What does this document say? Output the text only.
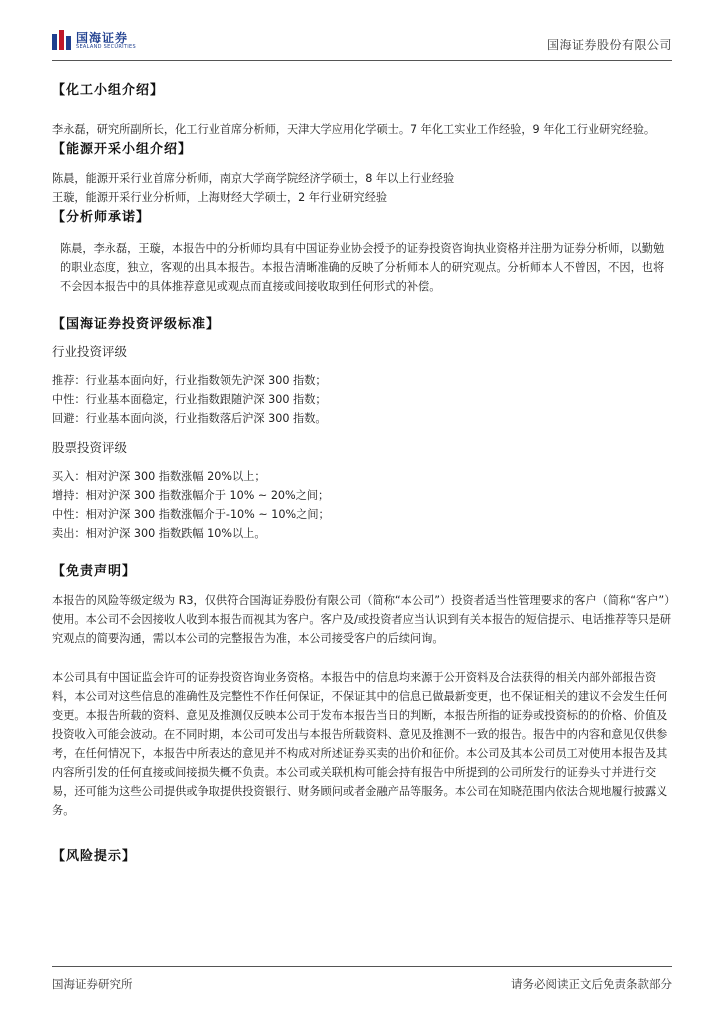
国海证券
SEALAND SECURITIES	国海证券股份有限公司
【化工小组介绍】

李永磊，研究所副所长，化工行业首席分析师，天津大学应用化学硕士。7 年化工实业工作经验，9 年化工行业研究经验。

【能源开采小组介绍】

陈晨，能源开采行业首席分析师，南京大学商学院经济学硕士，8 年以上行业经验

王璇，能源开采行业分析师，上海财经大学硕士，2 年行业研究经验

【分析师承诺】

陈晨，李永磊，王璇，本报告中的分析师均具有中国证券业协会授予的证券投资咨询执业资格并注册为证券分析师，以勤勉的职业态度，独立，客观的出具本报告。本报告清晰准确的反映了分析师本人的研究观点。分析师本人不曾因，不因，也将不会因本报告中的具体推荐意见或观点而直接或间接收取到任何形式的补偿。

【国海证券投资评级标准】
行业投资评级

推荐：行业基本面向好，行业指数领先沪深 300 指数；

中性：行业基本面稳定，行业指数跟随沪深 300 指数；

回避：行业基本面向淡，行业指数落后沪深 300 指数。

股票投资评级

买入：相对沪深 300 指数涨幅 20%以上；

增持：相对沪深 300 指数涨幅介于 10% ~ 20%之间；

中性：相对沪深 300 指数涨幅介于-10% ~ 10%之间；

卖出：相对沪深 300 指数跌幅 10%以上。

【免责声明】

本报告的风险等级定级为 R3，仅供符合国海证券股份有限公司（简称“本公司”）投资者适当性管理要求的客户（简称“客户”）使用。本公司不会因接收人收到本报告而视其为客户。客户及/或投资者应当认识到有关本报告的短信提示、电话推荐等只是研究观点的简要沟通，需以本公司的完整报告为准，本公司接受客户的后续问询。

本公司具有中国证监会许可的证券投资咨询业务资格。本报告中的信息均来源于公开资料及合法获得的相关内部外部报告资料，本公司对这些信息的准确性及完整性不作任何保证，不保证其中的信息已做最新变更，也不保证相关的建议不会发生任何变更。本报告所载的资料、意见及推测仅反映本公司于发布本报告当日的判断，本报告所指的证券或投资标的的价格、价值及投资收入可能会波动。在不同时期，本公司可发出与本报告所载资料、意见及推测不一致的报告。报告中的内容和意见仅供参考，在任何情况下，本报告中所表达的意见并不构成对所述证券买卖的出价和征价。本公司及其本公司员工对使用本报告及其内容所引发的任何直接或间接损失概不负责。本公司或关联机构可能会持有报告中所提到的公司所发行的证券头寸并进行交易，还可能为这些公司提供或争取提供投资银行、财务顾问或者金融产品等服务。本公司在知晓范围内依法合规地履行披露义务。

【风险提示】
国海证券研究所	请务必阅读正文后免责条款部分
